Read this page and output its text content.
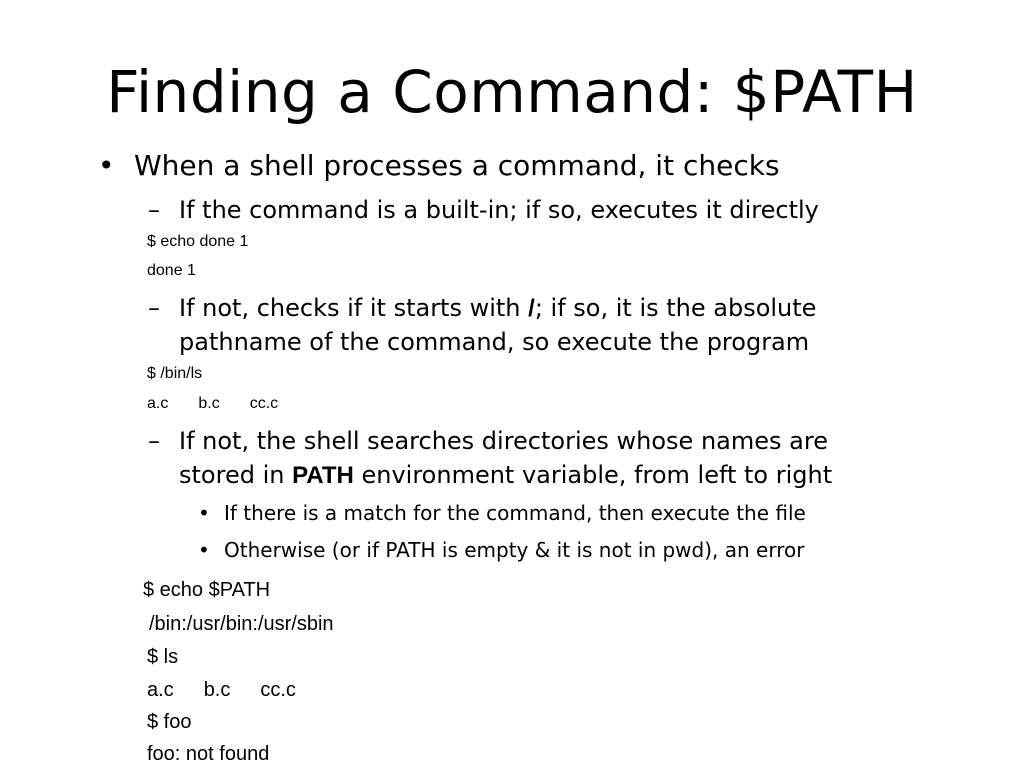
Finding a Command: $PATH
• When a shell processes a command, it checks
– If the command is a built-in; if so, executes it directly
$ echo done 1
done 1
– If not, checks if it starts with /; if so, it is the absolute
pathname of the command, so execute the program
$ /bin/ls
a.c b.c cc.c
– If not, the shell searches directories whose names are
stored in PATH environment variable, from left to right
• If there is a match for the command, then execute the file
• Otherwise (or if PATH is empty & it is not in pwd), an error
$ echo $PATH
/bin:/usr/bin:/usr/sbin
$ ls
a.c b.c cc.c
$ foo
foo: not found
